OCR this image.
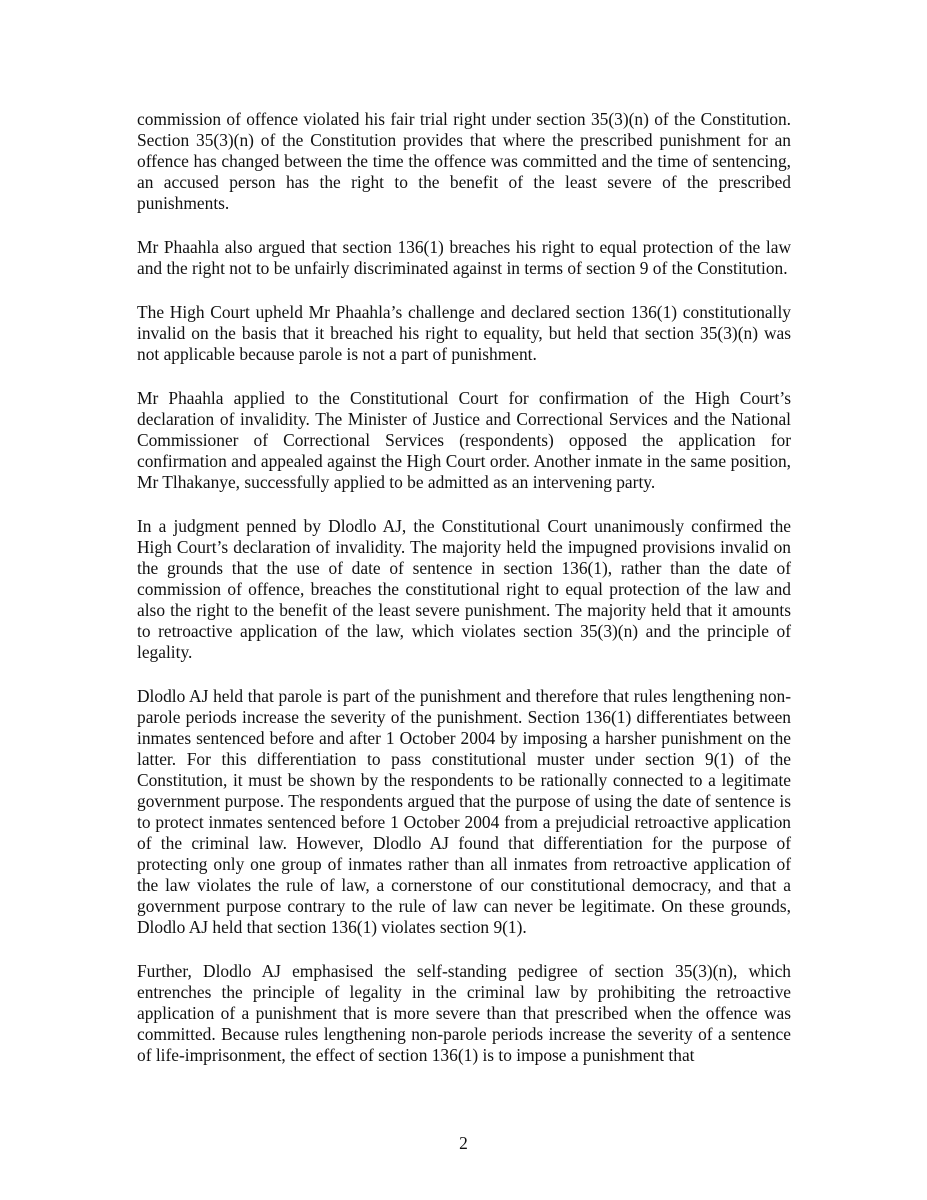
commission of offence violated his fair trial right under section 35(3)(n) of the Constitution. Section 35(3)(n) of the Constitution provides that where the prescribed punishment for an offence has changed between the time the offence was committed and the time of sentencing, an accused person has the right to the benefit of the least severe of the prescribed punishments.

Mr Phaahla also argued that section 136(1) breaches his right to equal protection of the law and the right not to be unfairly discriminated against in terms of section 9 of the Constitution.

The High Court upheld Mr Phaahla’s challenge and declared section 136(1) constitutionally invalid on the basis that it breached his right to equality, but held that section 35(3)(n) was not applicable because parole is not a part of punishment.

Mr Phaahla applied to the Constitutional Court for confirmation of the High Court’s declaration of invalidity. The Minister of Justice and Correctional Services and the National Commissioner of Correctional Services (respondents) opposed the application for confirmation and appealed against the High Court order. Another inmate in the same position, Mr Tlhakanye, successfully applied to be admitted as an intervening party.

In a judgment penned by Dlodlo AJ, the Constitutional Court unanimously confirmed the High Court’s declaration of invalidity. The majority held the impugned provisions invalid on the grounds that the use of date of sentence in section 136(1), rather than the date of commission of offence, breaches the constitutional right to equal protection of the law and also the right to the benefit of the least severe punishment. The majority held that it amounts to retroactive application of the law, which violates section 35(3)(n) and the principle of legality.

Dlodlo AJ held that parole is part of the punishment and therefore that rules lengthening non-parole periods increase the severity of the punishment. Section 136(1) differentiates between inmates sentenced before and after 1 October 2004 by imposing a harsher punishment on the latter. For this differentiation to pass constitutional muster under section 9(1) of the Constitution, it must be shown by the respondents to be rationally connected to a legitimate government purpose. The respondents argued that the purpose of using the date of sentence is to protect inmates sentenced before 1 October 2004 from a prejudicial retroactive application of the criminal law. However, Dlodlo AJ found that differentiation for the purpose of protecting only one group of inmates rather than all inmates from retroactive application of the law violates the rule of law, a cornerstone of our constitutional democracy, and that a government purpose contrary to the rule of law can never be legitimate. On these grounds, Dlodlo AJ held that section 136(1) violates section 9(1).

Further, Dlodlo AJ emphasised the self-standing pedigree of section 35(3)(n), which entrenches the principle of legality in the criminal law by prohibiting the retroactive application of a punishment that is more severe than that prescribed when the offence was committed. Because rules lengthening non-parole periods increase the severity of a sentence of life-imprisonment, the effect of section 136(1) is to impose a punishment that

2
